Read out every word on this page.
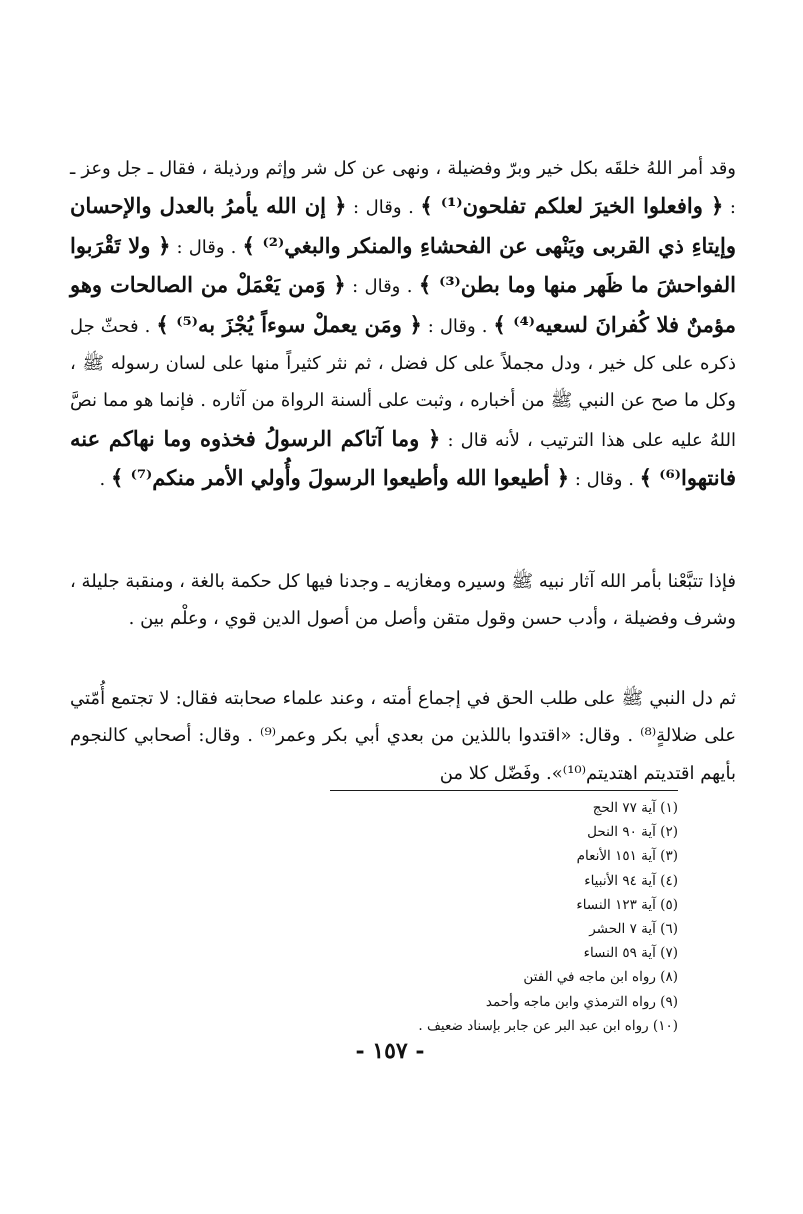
وقد أمر اللهُ خلقَه بكل خير وبرّ وفضيلة ، ونهى عن كل شر وإثم ورذيلة ، فقال ـ جل وعز ـ : ﴿ وافعلوا الخيرَ لعلكم تفلحون⁽¹⁾ ﴾ . وقال : ﴿ إن الله يأمرُ بالعدل والإحسان وإيتاءِ ذي القربى ويَنْهى عن الفحشاءِ والمنكر والبغي⁽²⁾ ﴾ . وقال : ﴿ ولا تَقْرَبوا الفواحشَ ما ظَهر منها وما بطن⁽³⁾ ﴾ . وقال : ﴿ وَمن يَعْمَلْ من الصالحات وهو مؤمنٌ فلا كُفرانَ لسعيه⁽⁴⁾ ﴾ . وقال : ﴿ ومَن يعملْ سوءاً يُجْزَ به⁽⁵⁾ ﴾ . فحثّ جل ذكره على كل خير ، ودل مجملاً على كل فضل ، ثم نثر كثيراً منها على لسان رسوله ﷺ ، وكل ما صح عن النبي ﷺ من أخباره ، وثبت على ألسنة الرواة من آثاره . فإنما هو مما نصَّ اللهُ عليه على هذا الترتيب ، لأنه قال : ﴿ وما آتاكم الرسولُ فخذوه وما نهاكم عنه فانتهوا⁽⁶⁾ ﴾ . وقال : ﴿ أطيعوا الله وأطيعوا الرسولَ وأُولي الأمر منكم⁽⁷⁾ ﴾ .

فإذا تتبَّعْنا بأمر الله آثار نبيه ﷺ وسيره ومغازيه ـ وجدنا فيها كل حكمة بالغة ، ومنقبة جليلة ، وشرف وفضيلة ، وأدب حسن وقول متقن وأصل من أصول الدين قوي ، وعلْم بين .

ثم دل النبي ﷺ على طلب الحق في إجماع أمته ، وعند علماء صحابته فقال: لا تجتمع أُمّتي على ضلالةٍ⁽⁸⁾ . وقال: «اقتدوا باللذين من بعدي أبي بكر وعمر⁽⁹⁾ . وقال: أصحابي كالنجوم بأيهم اقتديتم اهتديتم⁽¹⁰⁾». وفَضّل كلا من

(١) آية ٧٧ الحج
(٢) آية ٩٠ النحل
(٣) آية ١٥١ الأنعام
(٤) آية ٩٤ الأنبياء
(٥) آية ١٢٣ النساء
(٦) آية ٧ الحشر
(٧) آية ٥٩ النساء
(٨) رواه ابن ماجه في الفتن
(٩) رواه الترمذي وابن ماجه وأحمد
(١٠) رواه ابن عبد البر عن جابر بإسناد ضعيف .
- ١٥٧ -
